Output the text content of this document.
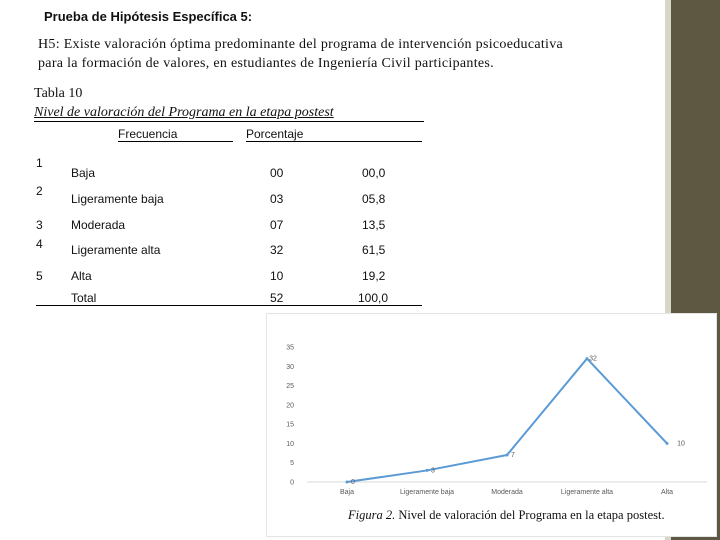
Prueba de Hipótesis Específica 5:
H5: Existe valoración óptima predominante del programa de intervención psicoeducativa
para la formación de valores, en estudiantes de Ingeniería Civil participantes.
Tabla 10
Nivel de valoración del Programa en la etapa postest
Frecuencia	Porcentaje
1
Baja	00	00,0
2
Ligeramente baja	03	05,8
3 Moderada	07	13,5
4 Ligeramente alta	32	61,5
5 Alta	10	19,2
Total	52	100,0
0
5
10
15
20
25
30
35
Baja	Ligeramente baja	Moderada	Ligeramente alta	Alta
0
3
7
32
10
Figura 2. Nivel de valoración del Programa en la etapa postest.
